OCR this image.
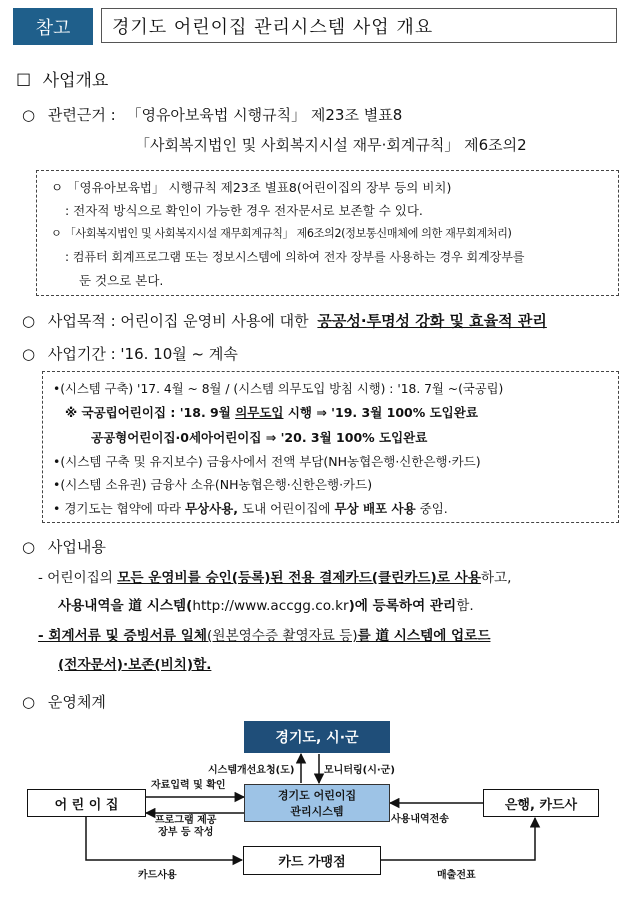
참고	경기도 어린이집 관리시스템 사업 개요
☐ 사업개요
○ 관련근거 : 「영유아보육법 시행규칙」 제23조 별표8
「사회복지법인 및 사회복지시설 재무·회계규칙」 제6조의2
ㅇ 「영유아보육법」 시행규칙 제23조 별표8(어린이집의 장부 등의 비치)
: 전자적 방식으로 확인이 가능한 경우 전자문서로 보존할 수 있다.
ㅇ 「사회복지법인 및 사회복지시설 재무회계규칙」 제6조의2(정보통신매체에 의한 재무회계처리)
: 컴퓨터 회계프로그램 또는 정보시스템에 의하여 전자 장부를 사용하는 경우 회계장부를
둔 것으로 본다.
○ 사업목적 : 어린이집 운영비 사용에 대한 공공성·투명성 강화 및 효율적 관리
○ 사업기간 : '16. 10월 ~ 계속
•(시스템 구축) '17. 4월 ~ 8월 / (시스템 의무도입 방침 시행) : '18. 7월 ~(국공립)
※ 국공립어린이집 : '18. 9월 의무도입 시행 ⇒ '19. 3월 100% 도입완료
공공형어린이집·0세아어린이집 ⇒ '20. 3월 100% 도입완료
•(시스템 구축 및 유지보수) 금융사에서 전액 부담(NH농협은행·신한은행·카드)
•(시스템 소유권) 금융사 소유(NH농협은행·신한은행·카드)
• 경기도는 협약에 따라 무상사용, 도내 어린이집에 무상 배포 사용 중임.
○ 사업내용
- 어린이집의 모든 운영비를 승인(등록)된 전용 결제카드(클린카드)로 사용하고,
사용내역을 道 시스템(http://www.accgg.co.kr)에 등록하여 관리함.
- 회계서류 및 증빙서류 일체(원본영수증 촬영자료 등)를 道 시스템에 업로드
(전자문서)·보존(비치)함.
○ 운영체계
경기도, 시·군
경기도 어린이집
관리시스템
어 린 이 집	은행, 카드사
카드 가맹점
시스템개선요청(도)	모니터링(시·군)
자료입력 및 확인
프로그램 제공
장부 등 작성
사용내역전송
카드사용	매출전표
